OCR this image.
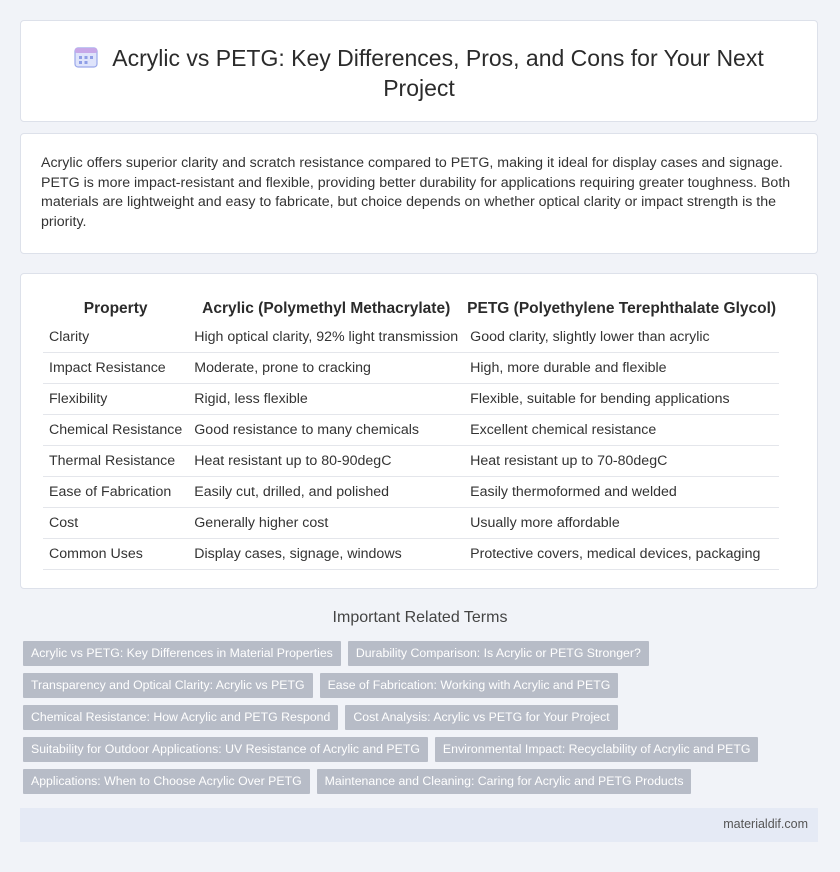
Acrylic vs PETG: Key Differences, Pros, and Cons for Your Next Project
Acrylic offers superior clarity and scratch resistance compared to PETG, making it ideal for display cases and signage. PETG is more impact-resistant and flexible, providing better durability for applications requiring greater toughness. Both materials are lightweight and easy to fabricate, but choice depends on whether optical clarity or impact strength is the priority.
Property	Acrylic (Polymethyl Methacrylate)	PETG (Polyethylene Terephthalate Glycol)
Clarity	High optical clarity, 92% light transmission	Good clarity, slightly lower than acrylic
Impact Resistance	Moderate, prone to cracking	High, more durable and flexible
Flexibility	Rigid, less flexible	Flexible, suitable for bending applications
Chemical Resistance	Good resistance to many chemicals	Excellent chemical resistance
Thermal Resistance	Heat resistant up to 80-90degC	Heat resistant up to 70-80degC
Ease of Fabrication	Easily cut, drilled, and polished	Easily thermoformed and welded
Cost	Generally higher cost	Usually more affordable
Common Uses	Display cases, signage, windows	Protective covers, medical devices, packaging
Important Related Terms
Acrylic vs PETG: Key Differences in Material Properties Durability Comparison: Is Acrylic or PETG Stronger?
Transparency and Optical Clarity: Acrylic vs PETG Ease of Fabrication: Working with Acrylic and PETG
Chemical Resistance: How Acrylic and PETG Respond Cost Analysis: Acrylic vs PETG for Your Project
Suitability for Outdoor Applications: UV Resistance of Acrylic and PETG Environmental Impact: Recyclability of Acrylic and PETG
Applications: When to Choose Acrylic Over PETG Maintenance and Cleaning: Caring for Acrylic and PETG Products
materialdif.com
